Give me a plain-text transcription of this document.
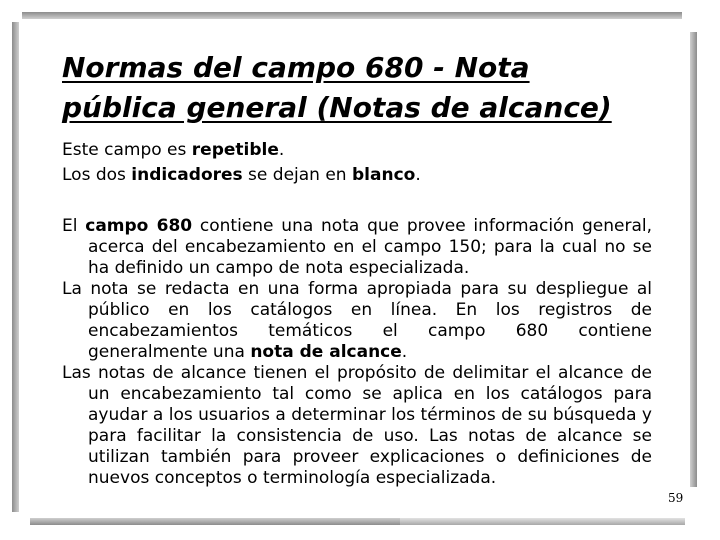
Normas del campo 680 - Nota
pública general (Notas de alcance)

Este campo es repetible.

Los dos indicadores se dejan en blanco.

El campo 680 contiene una nota que provee información general, acerca del encabezamiento en el campo 150; para la cual no se ha definido un campo de nota especializada.

La nota se redacta en una forma apropiada para su despliegue al público en los catálogos en línea. En los registros de encabezamientos temáticos el campo 680 contiene generalmente una nota de alcance.

Las notas de alcance tienen el propósito de delimitar el alcance de un encabezamiento tal como se aplica en los catálogos para ayudar a los usuarios a determinar los términos de su búsqueda y para facilitar la consistencia de uso. Las notas de alcance se utilizan también para proveer explicaciones o definiciones de nuevos conceptos o terminología especializada.

59
